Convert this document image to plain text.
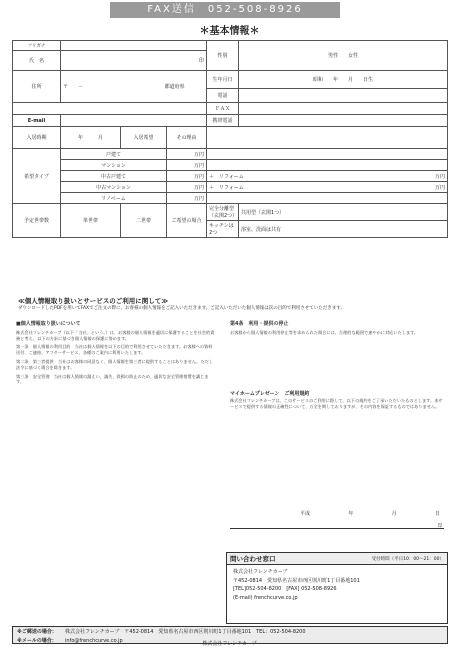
FAX送信　052-508-8926
＊基本情報＊
フリガナ				性別	男性　　女性
氏　名	印				
住所	〒　　－ 都道府県			生年月日	昭和　　年　　月　　日生
				電話	
				ＦＡＸ	
E-mail				携帯電話	
入居時期	年　　　月	入居希望	その理由		
希望タイプ	戸建て		万円		
	マンション		万円		
	中古戸建て		万円	＋　リフォーム 万円	

	中古マンション		万円	＋　リフォーム 万円	

	リノベーム		万円		
予定世帯数	単世帯	二世帯	ご希望の場合	完全分離型（玄関2つ）	共用型（玄関1つ）
				キッチンは2つ	浴室、洗面は共有
≪個人情報取り扱いとサービスのご利用に関して≫
ダウンロードしたPDFを用いてFAXでご注文の際に、お客様の個人情報をご記入いただきます。ご記入いただいた個人情報は次の目的で利用させていただきます。
■個人情報取り扱いについて

株式会社フレンチカーブ（以下「当社」という。）は、お客様の個人情報を適切に保護することを社会的責務と考え、以下の方針に基づき個人情報の保護に努めます。

第一条　個人情報の利用目的　当社は個人情報を以下の目的で利用させていただきます。お客様への資料送付、ご連絡、アフターサービス、各種のご案内に利用いたします。

第二条　第三者提供　当社はお客様の同意なく、個人情報を第三者に提供することはありません。ただし法令に基づく場合を除きます。

第三条　安全管理　当社は個人情報の漏えい、滅失、毀損の防止のため、適切な安全管理措置を講じます。

第4条　利用・提供の停止

お客様から個人情報の利用停止等を求められた場合には、合理的な範囲で速やかに対応いたします。

マイホームプレゼーン　ご利用規約
株式会社フレンチカーブは、このサービスのご利用に際して、以下の規約をご了承いただいたものとします。本サービスで提供する情報の正確性について、万全を期しておりますが、その内容を保証するものではありません。
平成	年	月	日
印
問い合わせ窓口	受付時間（平日10：00〜21：00）
株式会社フレンチカーブ
〒452-0814　愛知県名古屋市西区則川町1丁目番地101
[TEL]052-504-8200　[FAX] 052-508-8926
(E-mail) frenchcurve.co.jp
※ご郵送の場合：	株式会社フレンチカーブ　〒452-0814　愛知県名古屋市西区則川町1丁目番地101　TEL：052-504-8200
※メールの場合：	info@frenchcurve.co.jp
株式会社フレンチカーブ
